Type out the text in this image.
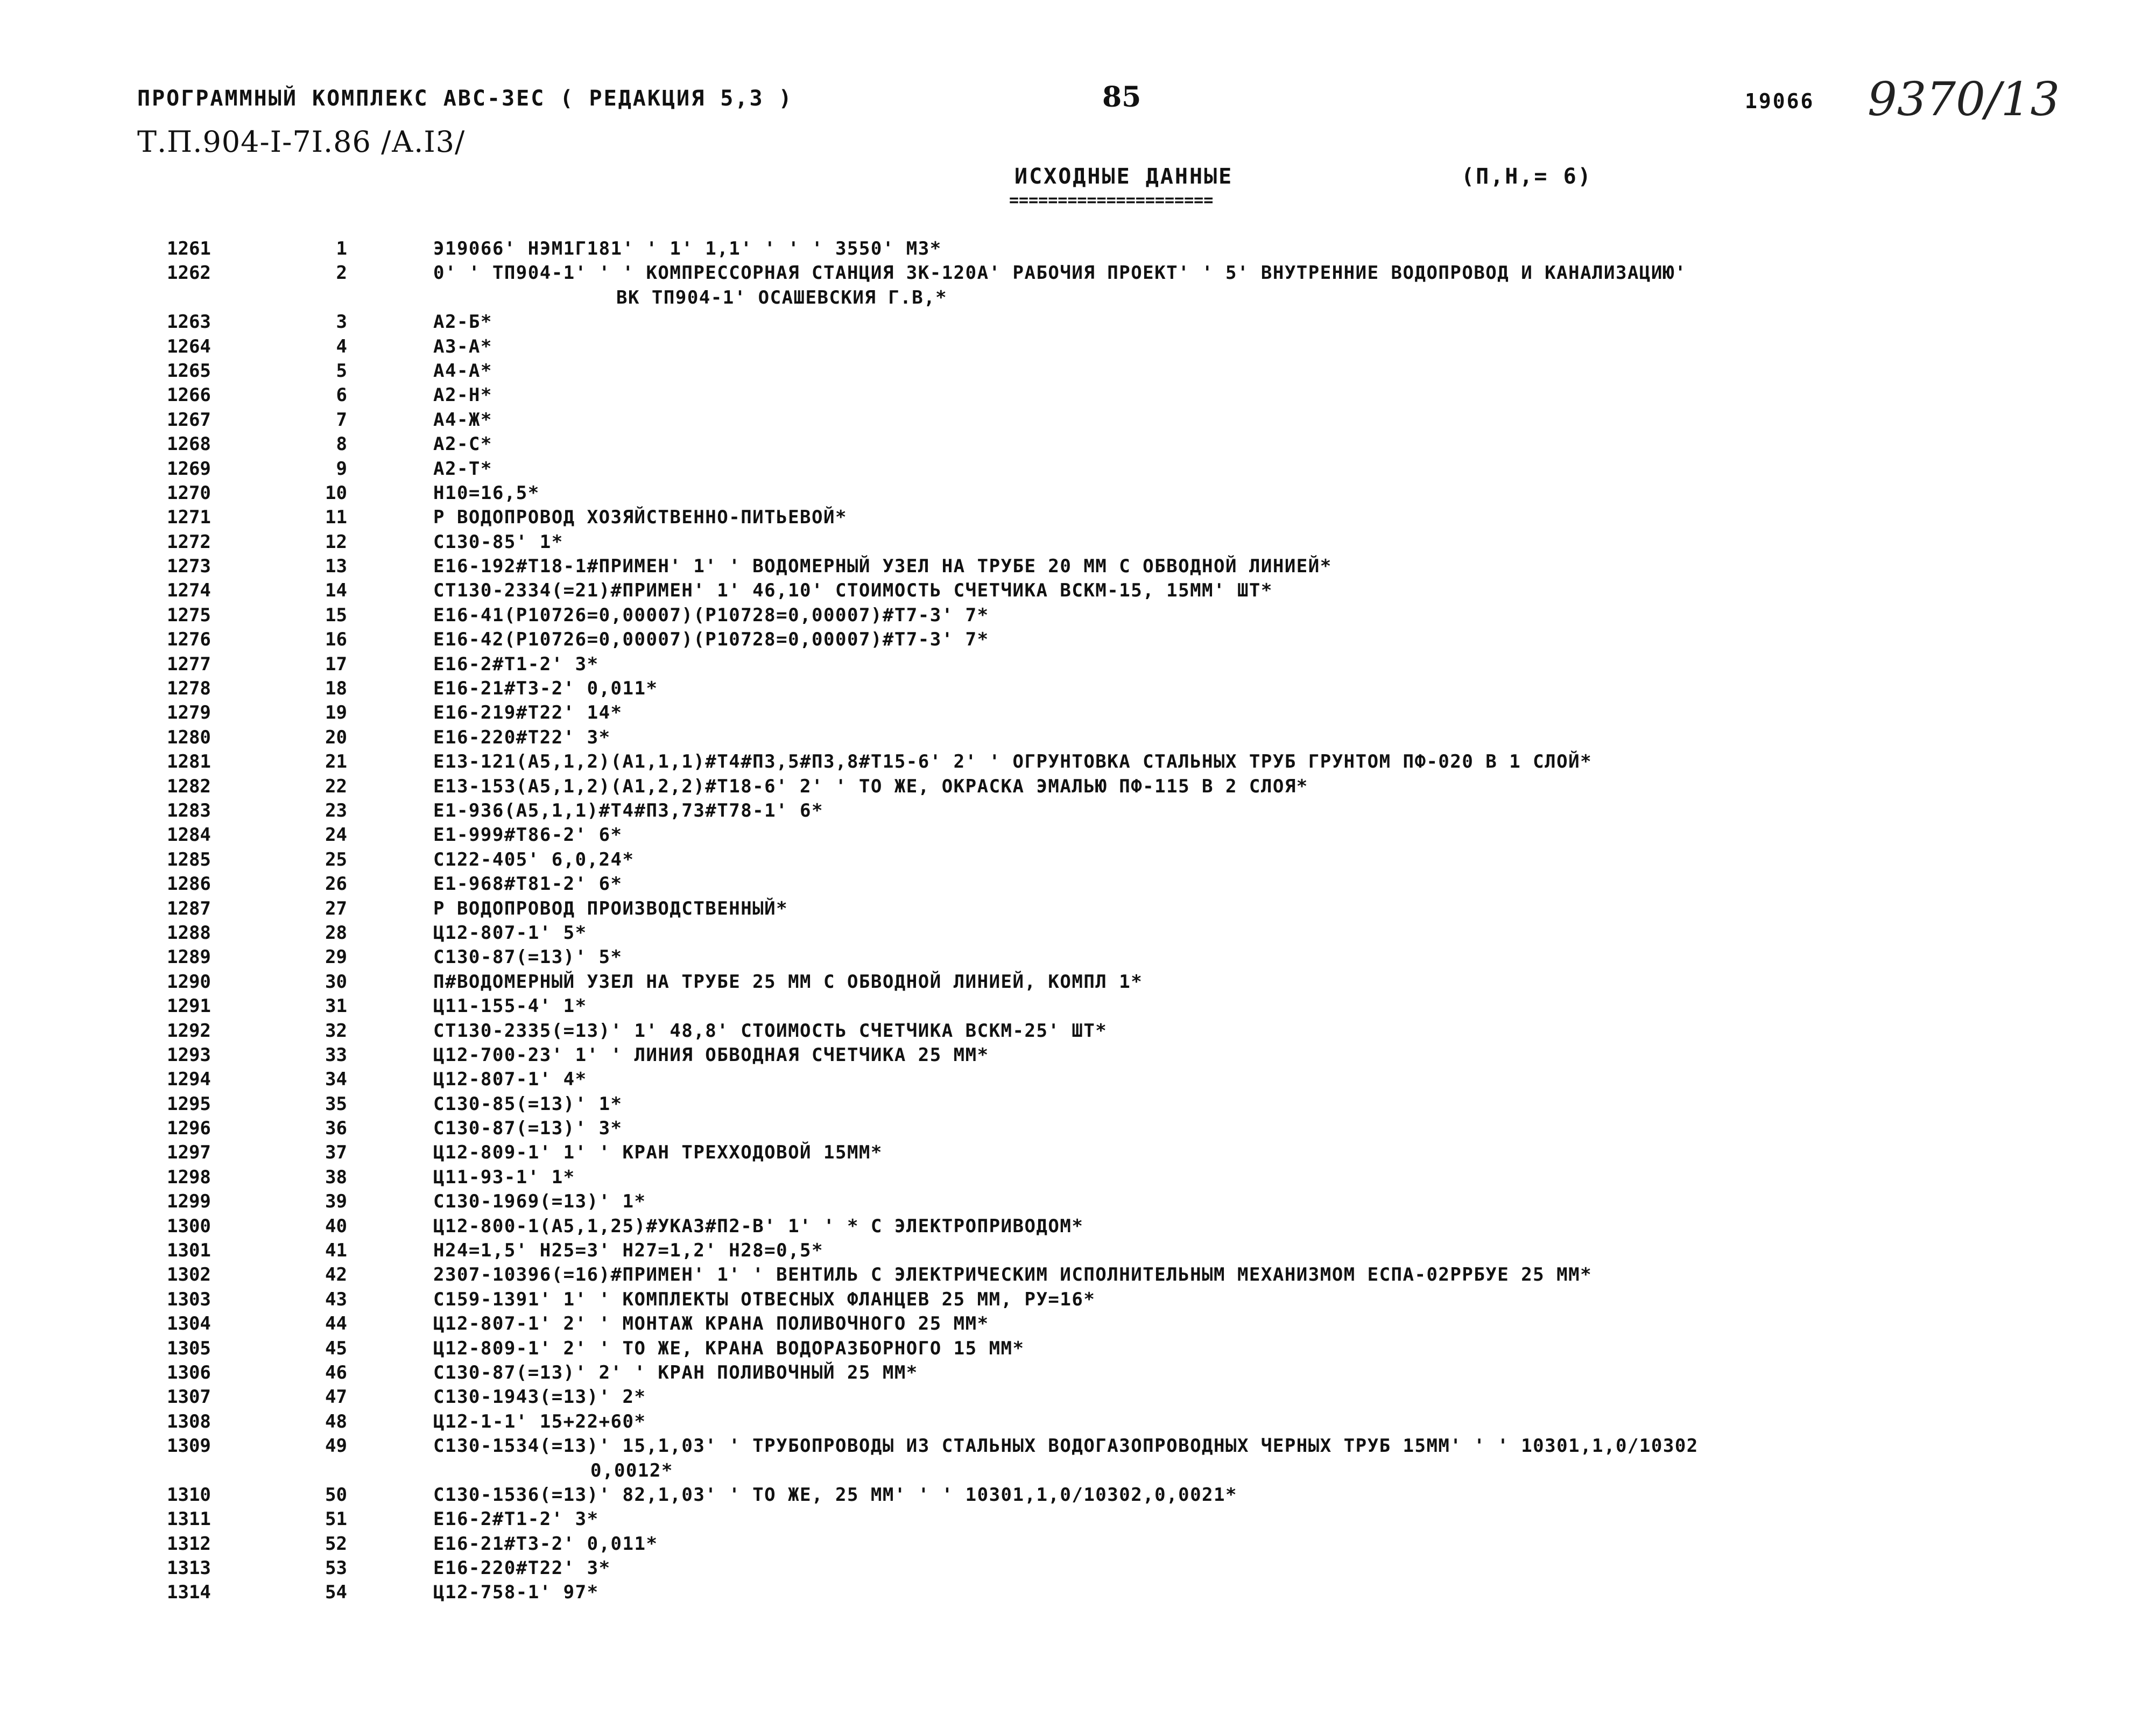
ПРОГРАММНЫЙ КОМПЛЕКС АВС-ЗЕС ( РЕДАКЦИЯ 5,3 )	85	19066 9370/13
Т.П.904-I-7I.86 /А.I3/
ИСХОДНЫЕ ДАННЫЕ
=====================
(П,Н,= 6)
1261	1	Э19066' НЭМ1Г181' ' 1' 1,1' ' ' ' 3550' М3*
1262	2	0' ' ТП904-1' ' ' КОМПРЕССОРНАЯ СТАНЦИЯ ЗК-120А' РАБОЧИЯ ПРОЕКТ' ' 5' ВНУТРЕННИЕ ВОДОПРОВОД И КАНАЛИЗАЦИЮ'
ВК ТП904-1' ОСАШЕВСКИЯ Г.В,*
1263	3	А2-Б*
1264	4	А3-А*
1265	5	А4-А*
1266	6	А2-Н*
1267	7	А4-Ж*
1268	8	А2-С*
1269	9	А2-Т*
1270	10	Н10=16,5*
1271	11	Р ВОДОПРОВОД ХОЗЯЙСТВЕННО-ПИТЬЕВОЙ*
1272	12	С130-85' 1*
1273	13	Е16-192#Т18-1#ПРИМЕН' 1' ' ВОДОМЕРНЫЙ УЗЕЛ НА ТРУБЕ 20 ММ С ОБВОДНОЙ ЛИНИЕЙ*
1274	14	СТ130-2334(=21)#ПРИМЕН' 1' 46,10' СТОИМОСТЬ СЧЕТЧИКА ВСКМ-15, 15ММ' ШТ*
1275	15	Е16-41(Р10726=0,00007)(Р10728=0,00007)#Т7-3' 7*
1276	16	Е16-42(Р10726=0,00007)(Р10728=0,00007)#Т7-3' 7*
1277	17	Е16-2#Т1-2' 3*
1278	18	Е16-21#Т3-2' 0,011*
1279	19	Е16-219#Т22' 14*
1280	20	Е16-220#Т22' 3*
1281	21	Е13-121(А5,1,2)(А1,1,1)#Т4#П3,5#П3,8#Т15-6' 2' ' ОГРУНТОВКА СТАЛЬНЫХ ТРУБ ГРУНТОМ ПФ-020 В 1 СЛОЙ*
1282	22	Е13-153(А5,1,2)(А1,2,2)#Т18-6' 2' ' ТО ЖЕ, ОКРАСКА ЭМАЛЬЮ ПФ-115 В 2 СЛОЯ*
1283	23	Е1-936(А5,1,1)#Т4#П3,73#Т78-1' 6*
1284	24	Е1-999#Т86-2' 6*
1285	25	С122-405' 6,0,24*
1286	26	Е1-968#Т81-2' 6*
1287	27	Р ВОДОПРОВОД ПРОИЗВОДСТВЕННЫЙ*
1288	28	Ц12-807-1' 5*
1289	29	С130-87(=13)' 5*
1290	30	П#ВОДОМЕРНЫЙ УЗЕЛ НА ТРУБЕ 25 ММ С ОБВОДНОЙ ЛИНИЕЙ, КОМПЛ 1*
1291	31	Ц11-155-4' 1*
1292	32	СТ130-2335(=13)' 1' 48,8' СТОИМОСТЬ СЧЕТЧИКА ВСКМ-25' ШТ*
1293	33	Ц12-700-23' 1' ' ЛИНИЯ ОБВОДНАЯ СЧЕТЧИКА 25 ММ*
1294	34	Ц12-807-1' 4*
1295	35	С130-85(=13)' 1*
1296	36	С130-87(=13)' 3*
1297	37	Ц12-809-1' 1' ' КРАН ТРЕХХОДОВОЙ 15ММ*
1298	38	Ц11-93-1' 1*
1299	39	С130-1969(=13)' 1*
1300	40	Ц12-800-1(А5,1,25)#УКАЗ#П2-В' 1' ' * С ЭЛЕКТРОПРИВОДОМ*
1301	41	Н24=1,5' Н25=3' Н27=1,2' Н28=0,5*
1302	42	2307-10396(=16)#ПРИМЕН' 1' ' ВЕНТИЛЬ С ЭЛЕКТРИЧЕСКИМ ИСПОЛНИТЕЛЬНЫМ МЕХАНИЗМОМ ЕСПА-02РРБУЕ 25 ММ*
1303	43	С159-1391' 1' ' КОМПЛЕКТЫ ОТВЕСНЫХ ФЛАНЦЕВ 25 ММ, РУ=16*
1304	44	Ц12-807-1' 2' ' МОНТАЖ КРАНА ПОЛИВОЧНОГО 25 ММ*
1305	45	Ц12-809-1' 2' ' ТО ЖЕ, КРАНА ВОДОРАЗБОРНОГО 15 ММ*
1306	46	С130-87(=13)' 2' ' КРАН ПОЛИВОЧНЫЙ 25 ММ*
1307	47	С130-1943(=13)' 2*
1308	48	Ц12-1-1' 15+22+60*
1309	49	С130-1534(=13)' 15,1,03' ' ТРУБОПРОВОДЫ ИЗ СТАЛЬНЫХ ВОДОГАЗОПРОВОДНЫХ ЧЕРНЫХ ТРУБ 15ММ' ' ' 10301,1,0/10302
0,0012*
1310	50	С130-1536(=13)' 82,1,03' ' ТО ЖЕ, 25 ММ' ' ' 10301,1,0/10302,0,0021*
1311	51	Е16-2#Т1-2' 3*
1312	52	Е16-21#Т3-2' 0,011*
1313	53	Е16-220#Т22' 3*
1314	54	Ц12-758-1' 97*
